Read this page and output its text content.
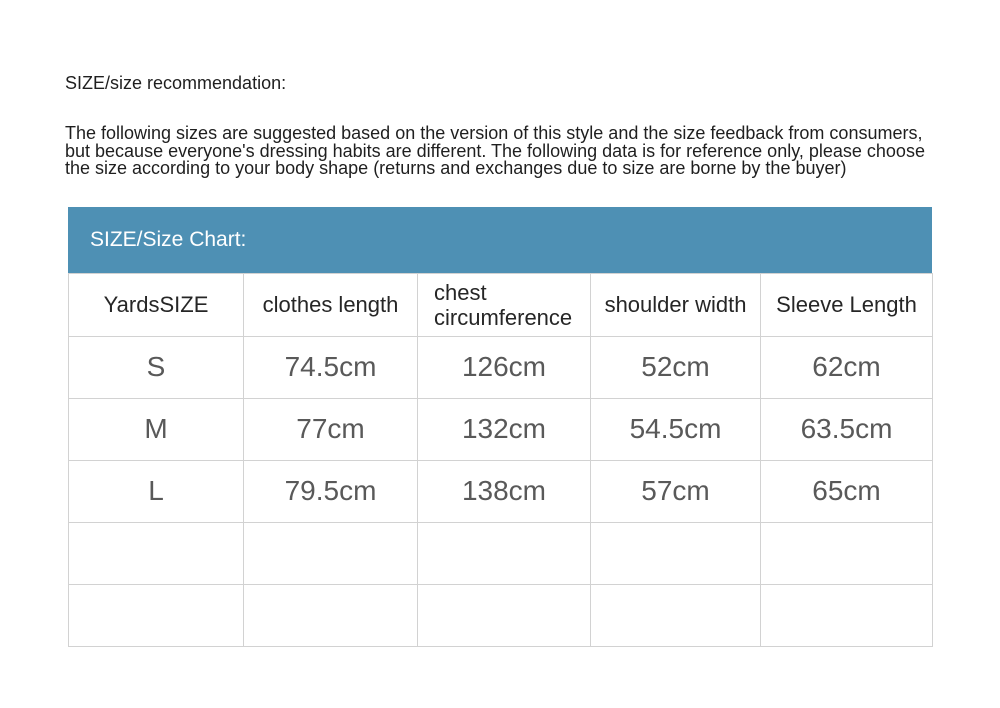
SIZE/size recommendation:
The following sizes are suggested based on the version of this style and the size feedback from consumers, but because everyone's dressing habits are different. The following data is for reference only, please choose the size according to your body shape (returns and exchanges due to size are borne by the buyer)
SIZE/Size Chart:
YardsSIZE	clothes length	chest circumference	shoulder width	Sleeve Length
S	74.5cm	126cm	52cm	62cm
M	77cm	132cm	54.5cm	63.5cm
L	79.5cm	138cm	57cm	65cm
